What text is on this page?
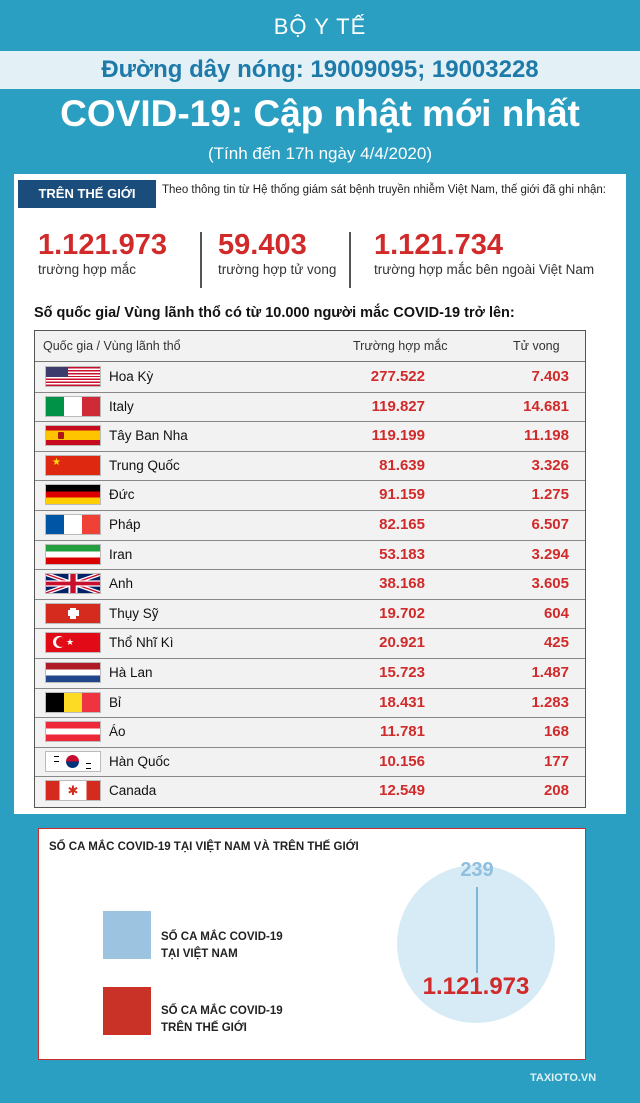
BỘ Y TẾ
Đường dây nóng: 19009095; 19003228
COVID-19: Cập nhật mới nhất
(Tính đến 17h ngày 4/4/2020)
TRÊN THẾ GIỚI	Theo thông tin từ Hệ thống giám sát bệnh truyền nhiễm Việt Nam, thế giới đã ghi nhận:
1.121.973
trường hợp mắc
59.403
trường hợp tử vong
1.121.734
trường hợp mắc bên ngoài Việt Nam
Số quốc gia/ Vùng lãnh thổ có từ 10.000 người mắc COVID-19 trở lên:
Quốc gia / Vùng lãnh thổ	Trường hợp mắc	Tử vong
Hoa Kỳ	277.522	7.403
Italy	119.827	14.681
Tây Ban Nha	119.199	11.198
★	Trung Quốc	81.639	3.326
Đức	91.159	1.275
Pháp	82.165	6.507
Iran	53.183	3.294
Anh	38.168	3.605
Thụy Sỹ	19.702	604
★	Thổ Nhĩ Kì	20.921	425
Hà Lan	15.723	1.487
Bỉ	18.431	1.283
Áo	11.781	168
Hàn Quốc	10.156	177
✱ Canada	12.549	208
SỐ CA MẮC COVID-19 TẠI VIỆT NAM VÀ TRÊN THẾ GIỚI
SỐ CA MẮC COVID-19
TẠI VIỆT NAM
SỐ CA MẮC COVID-19
TRÊN THẾ GIỚI
239
1.121.973
TAXIOTO.VN
